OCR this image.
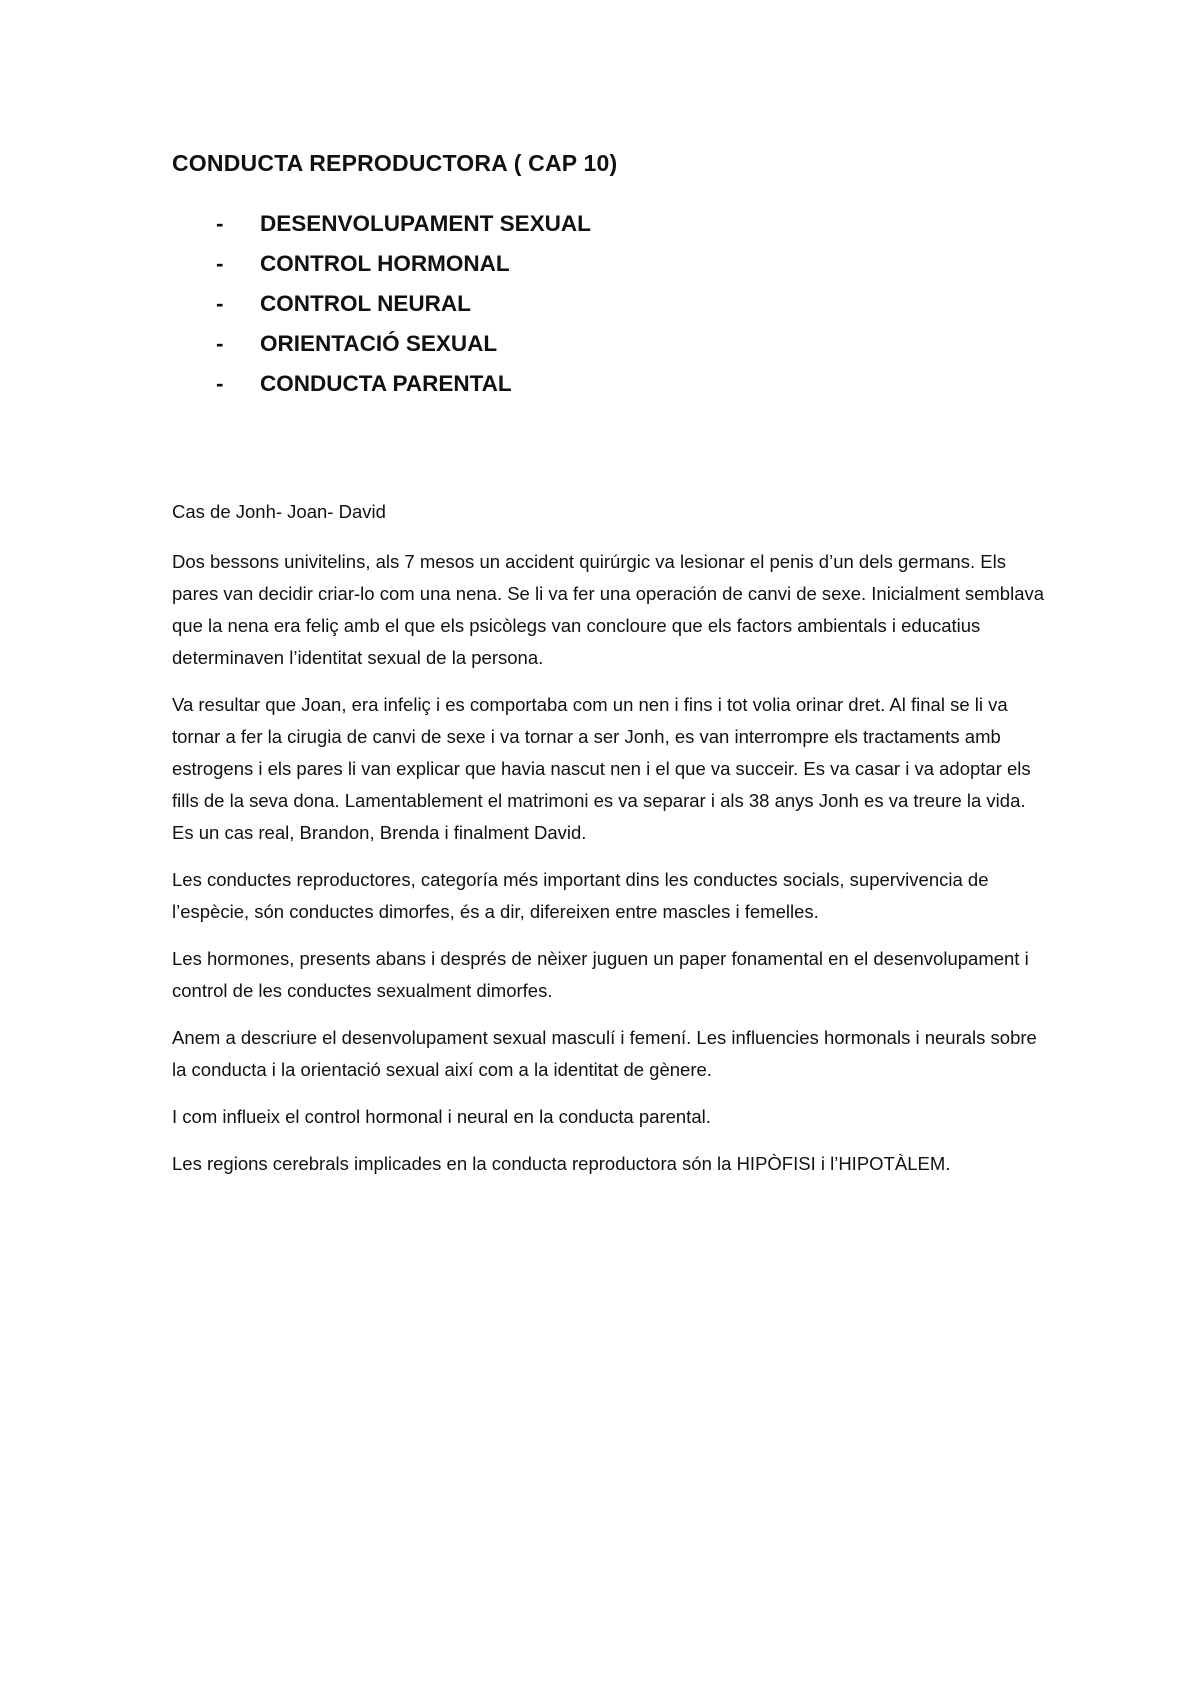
CONDUCTA REPRODUCTORA ( CAP 10)
-	DESENVOLUPAMENT SEXUAL
-	CONTROL HORMONAL
-	CONTROL NEURAL
-	ORIENTACIÓ SEXUAL
-	CONDUCTA PARENTAL

Cas de Jonh- Joan- David

Dos bessons univitelins, als 7 mesos un accident quirúrgic va lesionar el penis d’un dels germans. Els pares van decidir criar-lo com una nena. Se li va fer una operación de canvi de sexe. Inicialment semblava que la nena era feliç amb el que els psicòlegs van concloure que els factors ambientals i educatius determinaven l’identitat sexual de la persona.

Va resultar que Joan, era infeliç i es comportaba com un nen i fins i tot volia orinar dret. Al final se li va tornar a fer la cirugia de canvi de sexe i va tornar a ser Jonh, es van interrompre els tractaments amb estrogens i els pares li van explicar que havia nascut nen i el que va succeir. Es va casar i va adoptar els fills de la seva dona. Lamentablement el matrimoni es va separar i als 38 anys Jonh es va treure la vida. Es un cas real, Brandon, Brenda i finalment David.

Les conductes reproductores, categoría més important dins les conductes socials, supervivencia de l’espècie, són conductes dimorfes, és a dir, difereixen entre mascles i femelles.

Les hormones, presents abans i després de nèixer juguen un paper fonamental en el desenvolupament i control de les conductes sexualment dimorfes.

Anem a descriure el desenvolupament sexual masculí i femení. Les influencies hormonals i neurals sobre la conducta i la orientació sexual així com a la identitat de gènere.

I com influeix el control hormonal i neural en la conducta parental.

Les regions cerebrals implicades en la conducta reproductora són la HIPÒFISI i l’HIPOTÀLEM.
